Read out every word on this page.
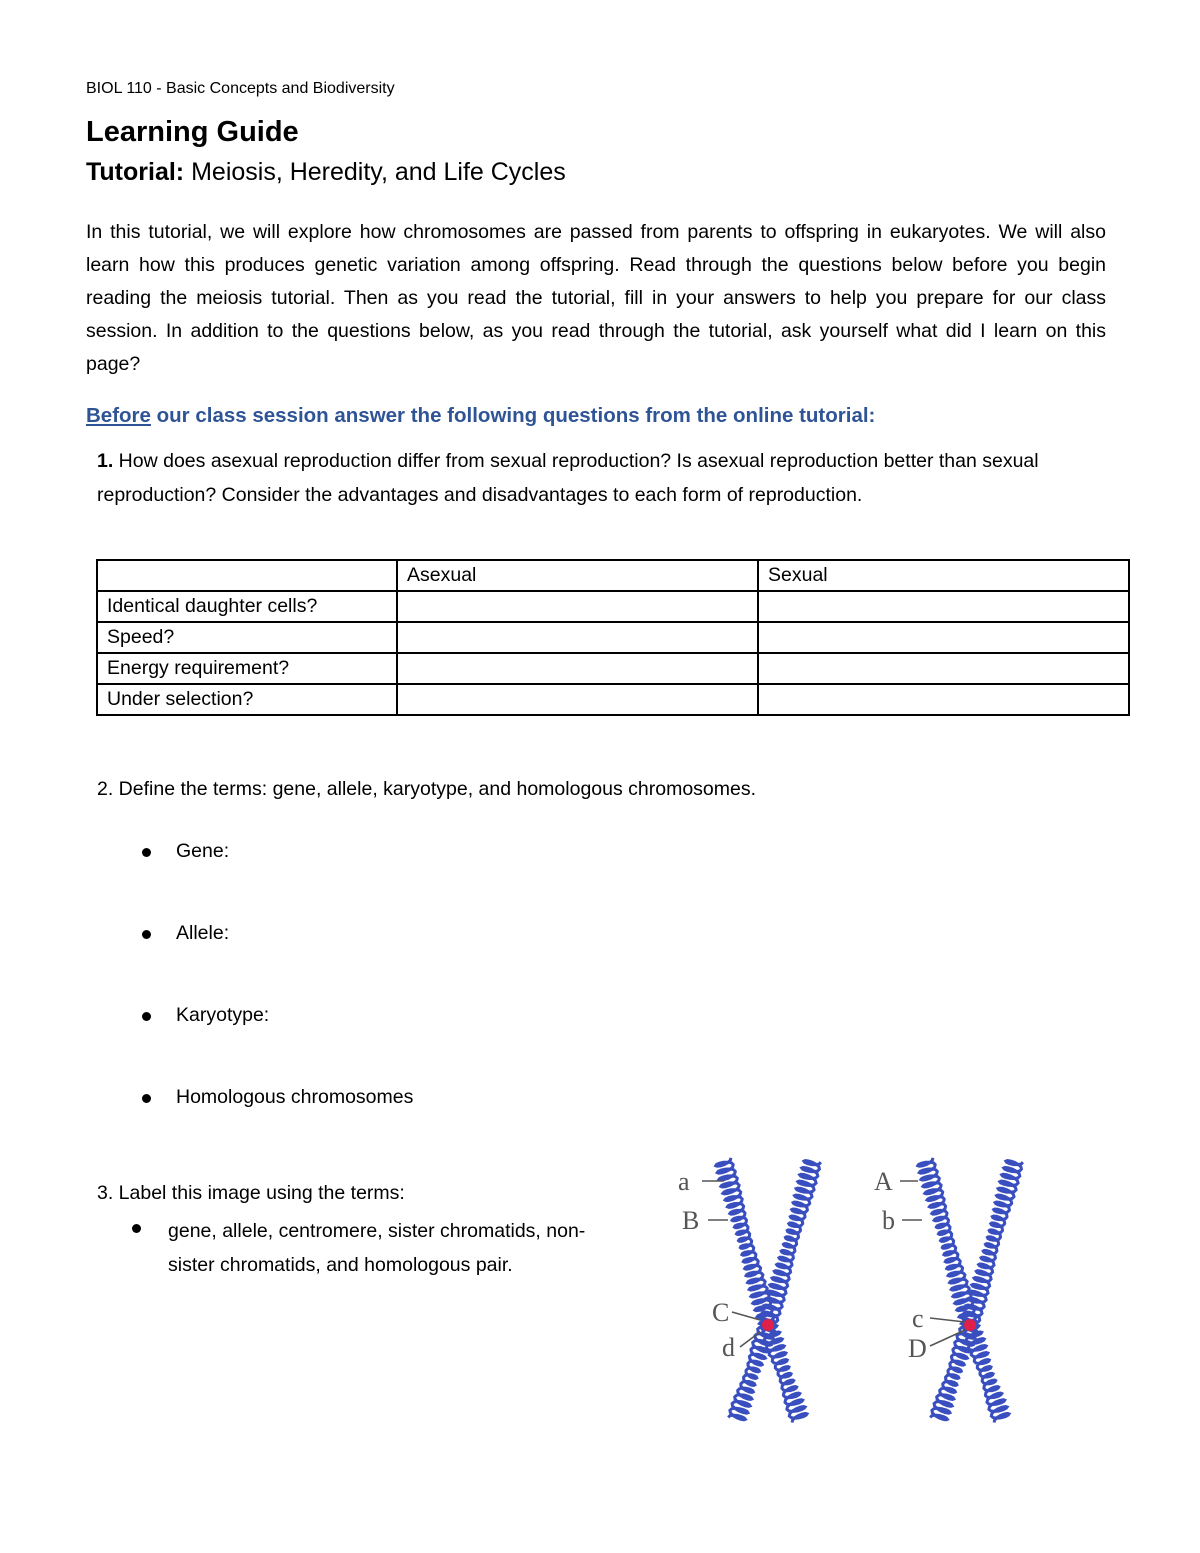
BIOL 110 - Basic Concepts and Biodiversity
Learning Guide
Tutorial: Meiosis, Heredity, and Life Cycles

In this tutorial, we will explore how chromosomes are passed from parents to offspring in eukaryotes. We will also learn how this produces genetic variation among offspring. Read through the questions below before you begin reading the meiosis tutorial. Then as you read the tutorial, fill in your answers to help you prepare for our class session. In addition to the questions below, as you read through the tutorial, ask yourself what did I learn on this page?

Before our class session answer the following questions from the online tutorial:

1. How does asexual reproduction differ from sexual reproduction? Is asexual reproduction better than sexual reproduction? Consider the advantages and disadvantages to each form of reproduction.

	Asexual	Sexual
Identical daughter cells?		
Speed?		
Energy requirement?		
Under selection?		
2. Define the terms: gene, allele, karyotype, and homologous chromosomes.
Gene:
Allele:
Karyotype:
Homologous chromosomes
3. Label this image using the terms:
gene, allele, centromere, sister chromatids, non-sister chromatids, and homologous pair.
a
B
C
d
A
b
c
D
